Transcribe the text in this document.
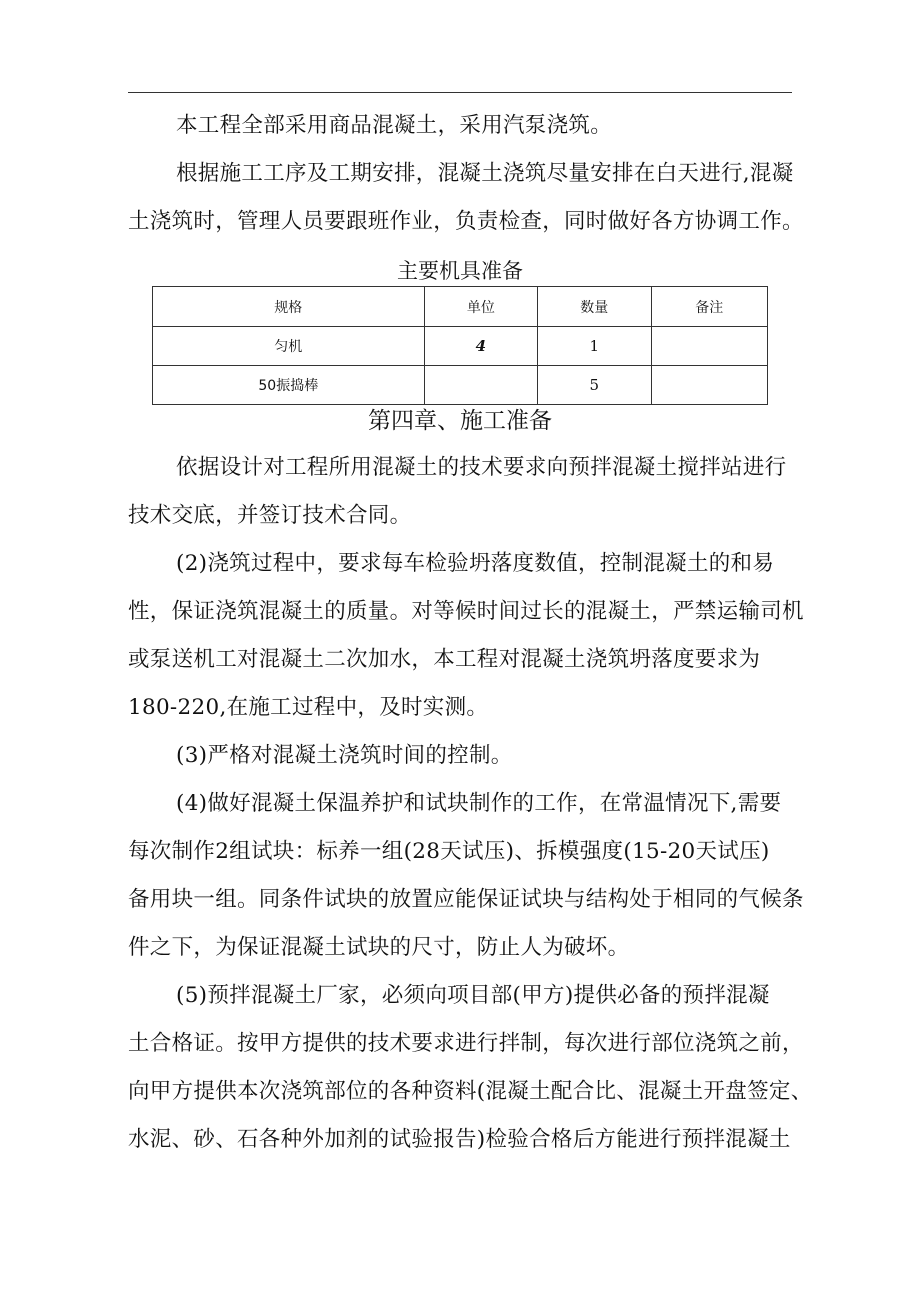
本工程全部采用商品混凝土，采用汽泵浇筑。
根据施工工序及工期安排，混凝土浇筑尽量安排在白天进行,混凝
土浇筑时，管理人员要跟班作业，负责检查，同时做好各方协调工作。
主要机具准备
规格	单位	数量	备注
匀机	4	1	
50振捣棒		5	
第四章、施工准备
依据设计对工程所用混凝土的技术要求向预拌混凝土搅拌站进行
技术交底，并签订技术合同。
(2)浇筑过程中，要求每车检验坍落度数值，控制混凝土的和易
性，保证浇筑混凝土的质量。对等候时间过长的混凝土，严禁运输司机
或泵送机工对混凝土二次加水，本工程对混凝土浇筑坍落度要求为
180-220,在施工过程中，及时实测。
(3)严格对混凝土浇筑时间的控制。
(4)做好混凝土保温养护和试块制作的工作，在常温情况下,需要
每次制作2组试块：标养一组(28天试压)、拆模强度(15-20天试压)
备用块一组。同条件试块的放置应能保证试块与结构处于相同的气候条
件之下，为保证混凝土试块的尺寸，防止人为破坏。
(5)预拌混凝土厂家，必须向项目部(甲方)提供必备的预拌混凝
土合格证。按甲方提供的技术要求进行拌制，每次进行部位浇筑之前，
向甲方提供本次浇筑部位的各种资料(混凝土配合比、混凝土开盘签定、
水泥、砂、石各种外加剂的试验报告)检验合格后方能进行预拌混凝土
